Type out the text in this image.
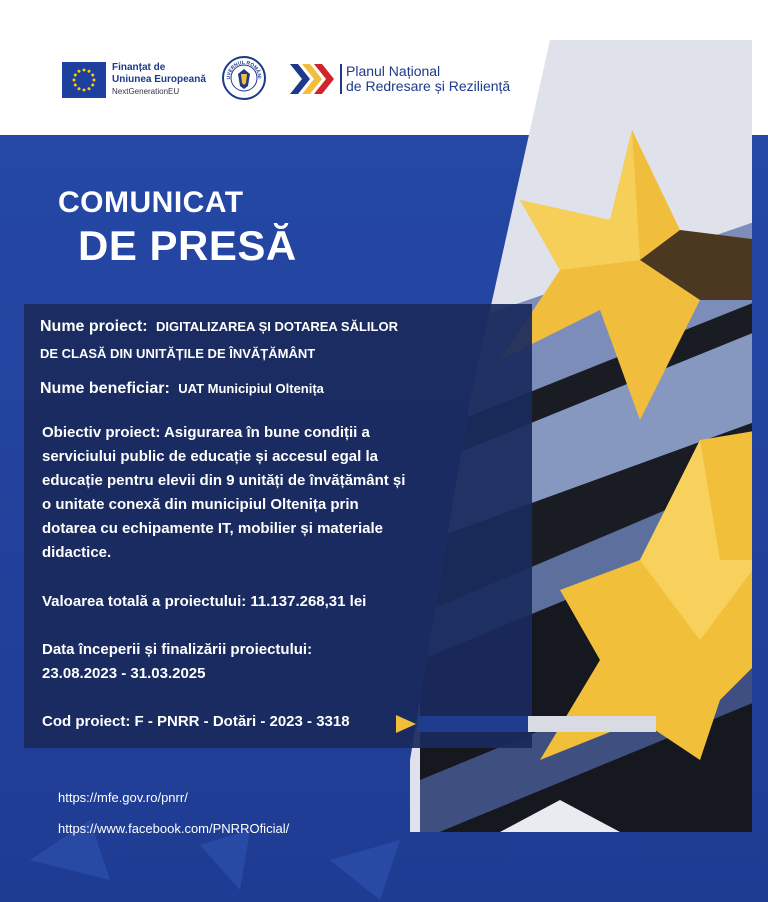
Finanțat de
Uniunea Europeană
NextGenerationEU
UVERNUL ROMÂNI	Planul Național
de Redresare și Reziliență
COMUNICAT
DE PRESĂ
Nume proiect: DIGITALIZAREA ȘI DOTAREA SĂLILOR
DE CLASĂ DIN UNITĂȚILE DE ÎNVĂȚĂMÂNT
Nume beneficiar: UAT Municipiul Oltenița
Obiectiv proiect: Asigurarea în bune condiții a
serviciului public de educație și accesul egal la
educație pentru elevii din 9 unități de învățământ și
o unitate conexă din municipiul Oltenița prin
dotarea cu echipamente IT, mobilier și materiale
didactice.
Valoarea totală a proiectului: 11.137.268,31 lei
Data începerii și finalizării proiectului:
23.08.2023 - 31.03.2025
Cod proiect: F - PNRR - Dotări - 2023 - 3318
https://mfe.gov.ro/pnrr/
https://www.facebook.com/PNRROficial/
